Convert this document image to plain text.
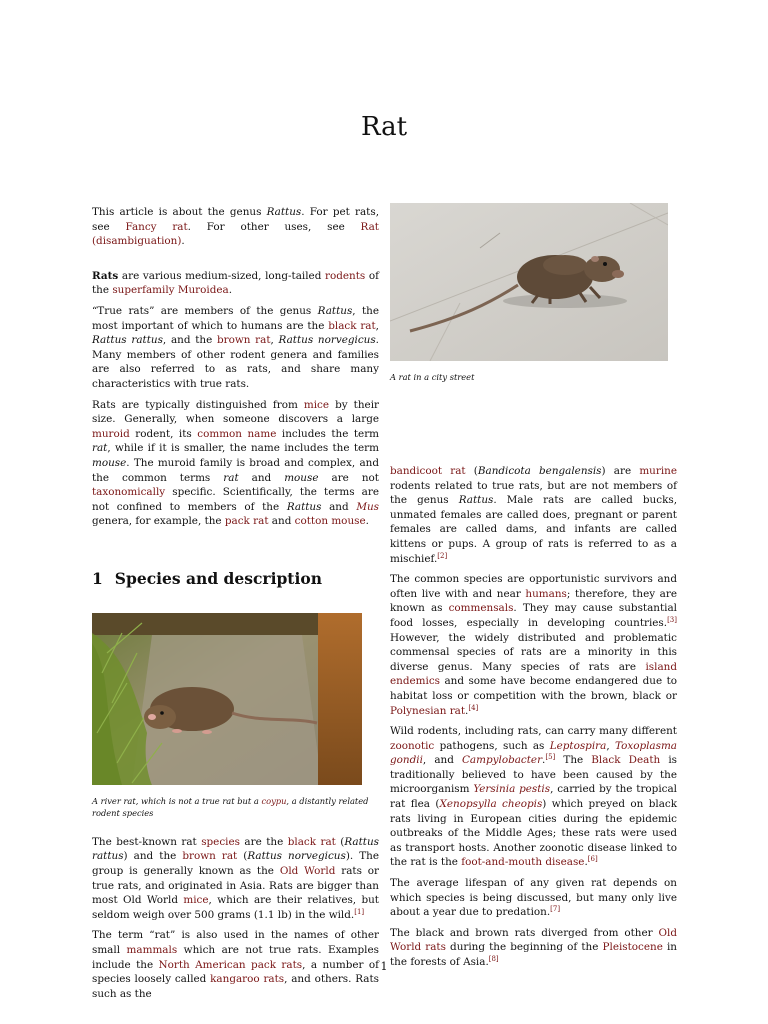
Rat

This article is about the genus Rattus. For pet rats, see Fancy rat. For other uses, see Rat (disambiguation).

Rats are various medium-sized, long-tailed rodents of the superfamily Muroidea.

“True rats” are members of the genus Rattus, the most important of which to humans are the black rat, Rattus rattus, and the brown rat, Rattus norvegicus. Many members of other rodent genera and families are also referred to as rats, and share many characteristics with true rats.

Rats are typically distinguished from mice by their size. Generally, when someone discovers a large muroid rodent, its common name includes the term rat, while if it is smaller, the name includes the term mouse. The muroid family is broad and complex, and the common terms rat and mouse are not taxonomically specific. Scientifically, the terms are not confined to members of the Rattus and Mus genera, for example, the pack rat and cotton mouse.

1 Species and description
A river rat, which is not a true rat but a coypu, a distantly related rodent species

The best-known rat species are the black rat (Rattus rattus) and the brown rat (Rattus norvegicus). The group is generally known as the Old World rats or true rats, and originated in Asia. Rats are bigger than most Old World mice, which are their relatives, but seldom weigh over 500 grams (1.1 lb) in the wild.[1]

The term “rat” is also used in the names of other small mammals which are not true rats. Examples include the North American pack rats, a number of species loosely called kangaroo rats, and others. Rats such as the

A rat in a city street

bandicoot rat (Bandicota bengalensis) are murine rodents related to true rats, but are not members of the genus Rattus. Male rats are called bucks, unmated females are called does, pregnant or parent females are called dams, and infants are called kittens or pups. A group of rats is referred to as a mischief.[2]

The common species are opportunistic survivors and often live with and near humans; therefore, they are known as commensals. They may cause substantial food losses, especially in developing countries.[3] However, the widely distributed and problematic commensal species of rats are a minority in this diverse genus. Many species of rats are island endemics and some have become endangered due to habitat loss or competition with the brown, black or Polynesian rat.[4]

Wild rodents, including rats, can carry many different zoonotic pathogens, such as Leptospira, Toxoplasma gondii, and Campylobacter.[5] The Black Death is traditionally believed to have been caused by the microorganism Yersinia pestis, carried by the tropical rat flea (Xenopsylla cheopis) which preyed on black rats living in European cities during the epidemic outbreaks of the Middle Ages; these rats were used as transport hosts. Another zoonotic disease linked to the rat is the foot-and-mouth disease.[6]

The average lifespan of any given rat depends on which species is being discussed, but many only live about a year due to predation.[7]

The black and brown rats diverged from other Old World rats during the beginning of the Pleistocene in the forests of Asia.[8]

1
